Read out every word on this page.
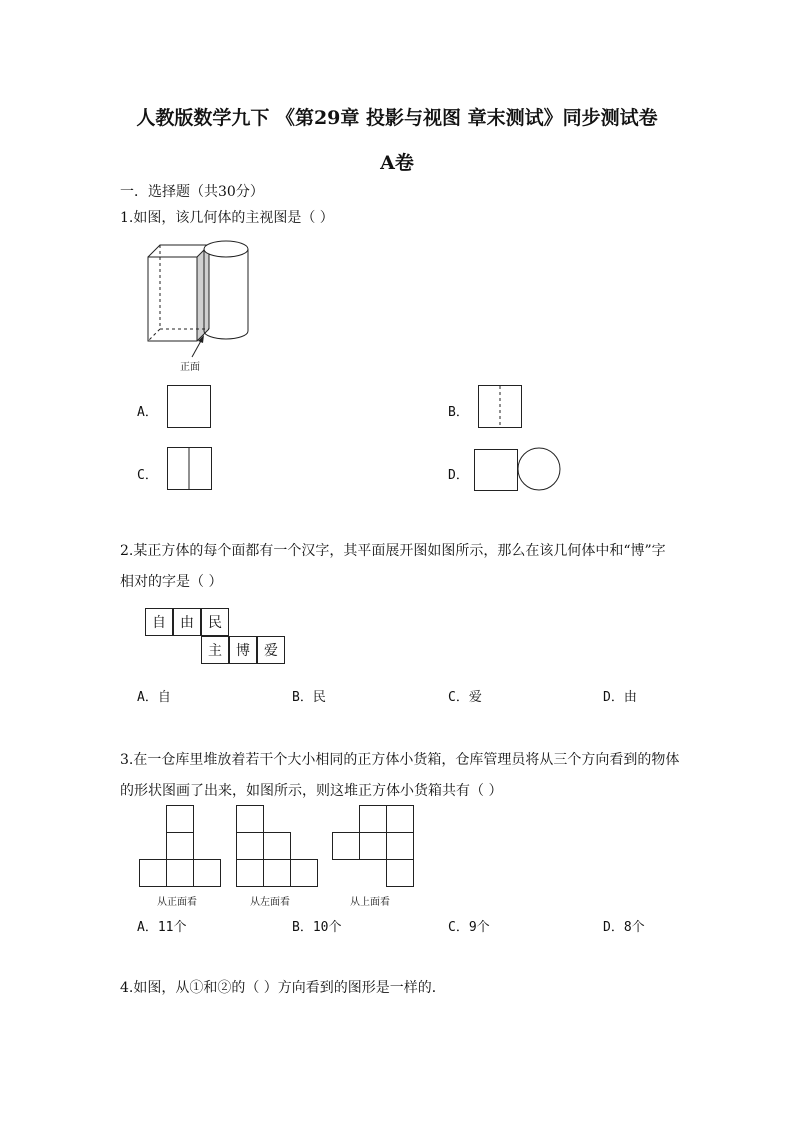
人教版数学九下 《第29章 投影与视图 章末测试》同步测试卷
A卷
一．选择题（共30分）
1.如图，该几何体的主视图是（ ）
正面
A．	B．
C．	D．
2.某正方体的每个面都有一个汉字，其平面展开图如图所示，那么在该几何体中和“博”字
相对的字是（ ）
自	由	民
主	博	爱
A．自	B．民	C．爱	D．由
3.在一仓库里堆放着若干个大小相同的正方体小货箱，仓库管理员将从三个方向看到的物体
的形状图画了出来，如图所示，则这堆正方体小货箱共有（ ）
从正面看	从左面看	从上面看
A．11个	B．10个	C．9个	D．8个
4.如图，从①和②的（ ）方向看到的图形是一样的．
